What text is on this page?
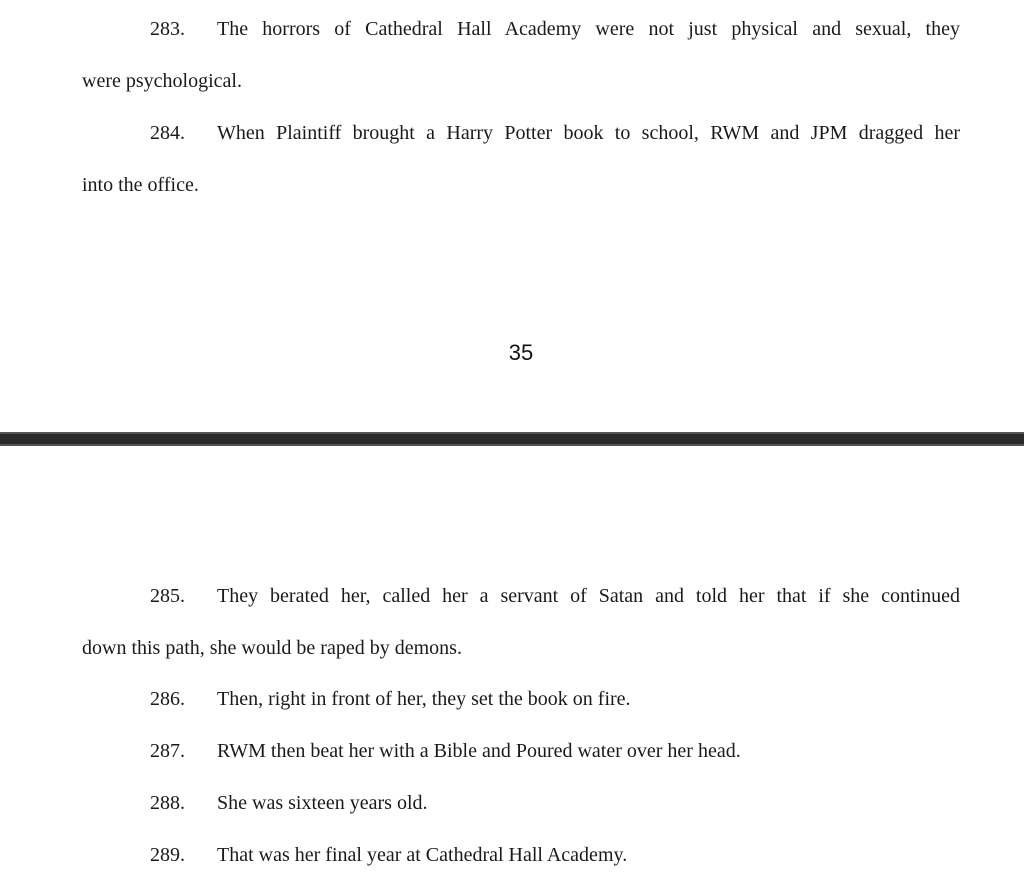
283. The horrors of Cathedral Hall Academy were not just physical and sexual, they
were psychological.
284. When Plaintiff brought a Harry Potter book to school, RWM and JPM dragged her
into the office.
35
285. They berated her, called her a servant of Satan and told her that if she continued
down this path, she would be raped by demons.
286. Then, right in front of her, they set the book on fire.
287. RWM then beat her with a Bible and Poured water over her head.
288. She was sixteen years old.
289. That was her final year at Cathedral Hall Academy.
